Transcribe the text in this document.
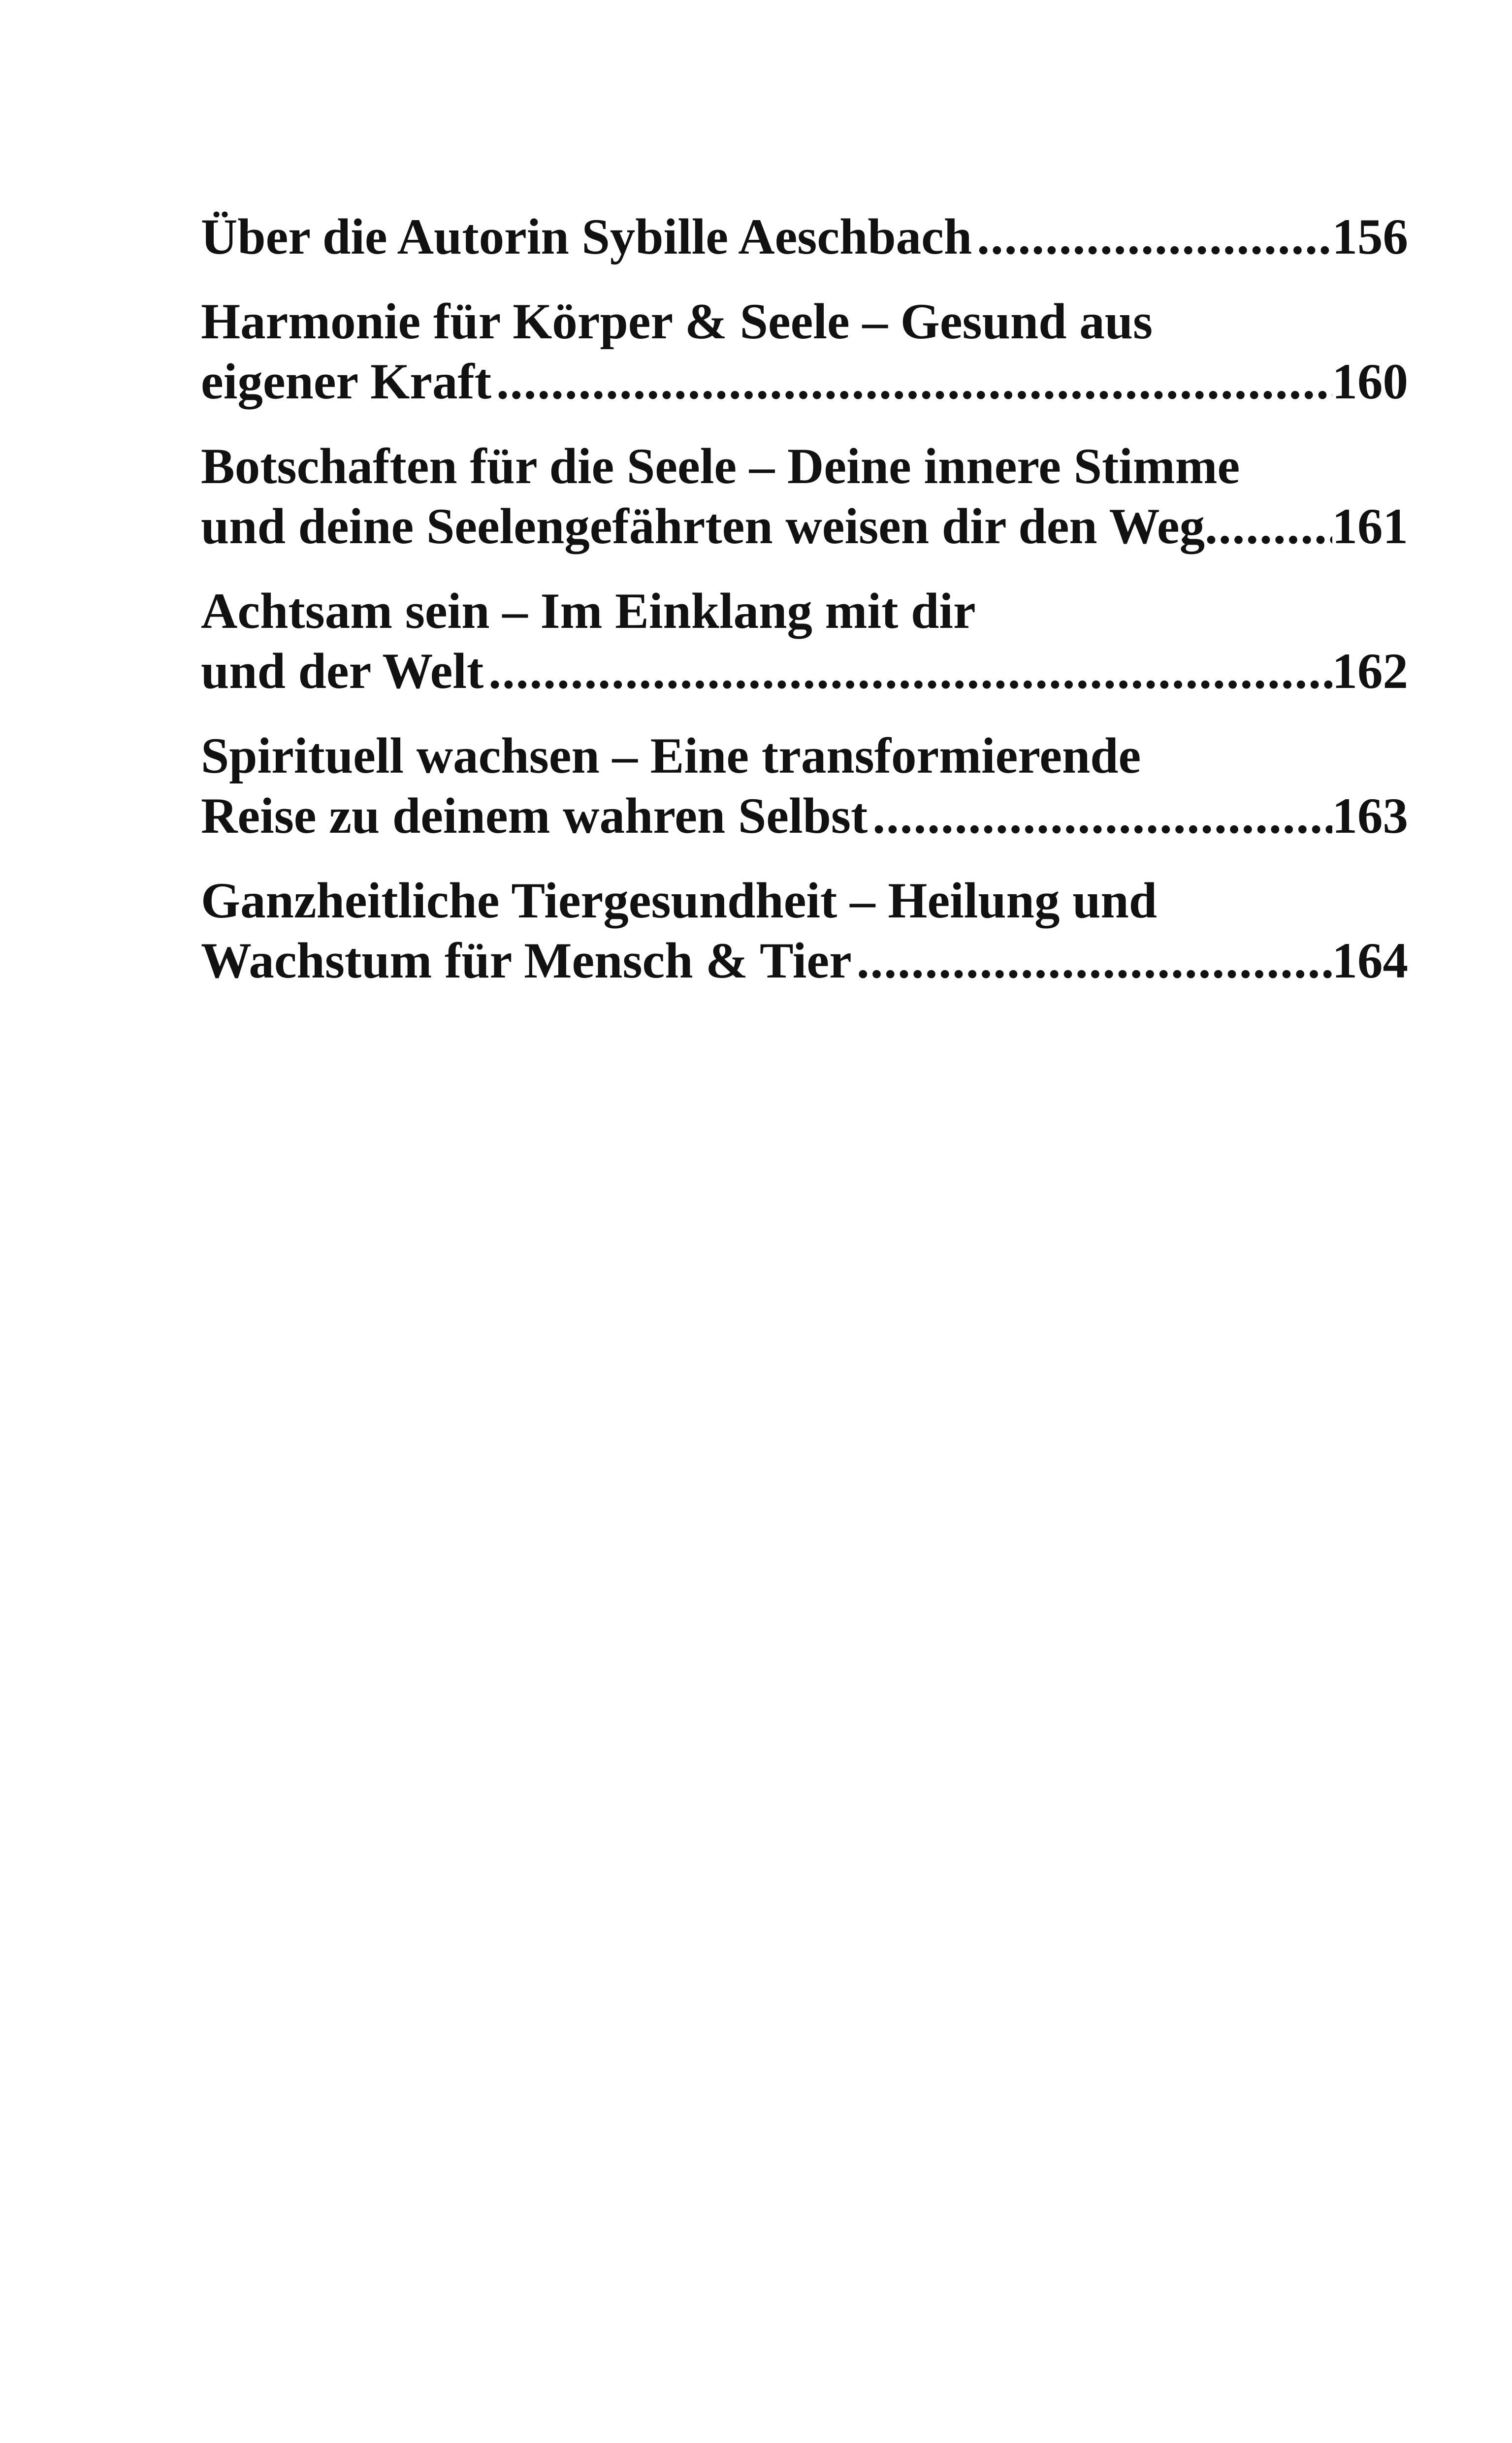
Über die Autorin Sybille Aeschbach .....	156
Harmonie für Körper & Seele – Gesund aus
eigener Kraft .....	160
Botschaften für die Seele – Deine innere Stimme
und deine Seelengefährten weisen dir den Weg .....	161
Achtsam sein – Im Einklang mit dir
und der Welt .....	162
Spirituell wachsen – Eine transformierende
Reise zu deinem wahren Selbst .....	163
Ganzheitliche Tiergesundheit – Heilung und
Wachstum für Mensch & Tier .....	164
